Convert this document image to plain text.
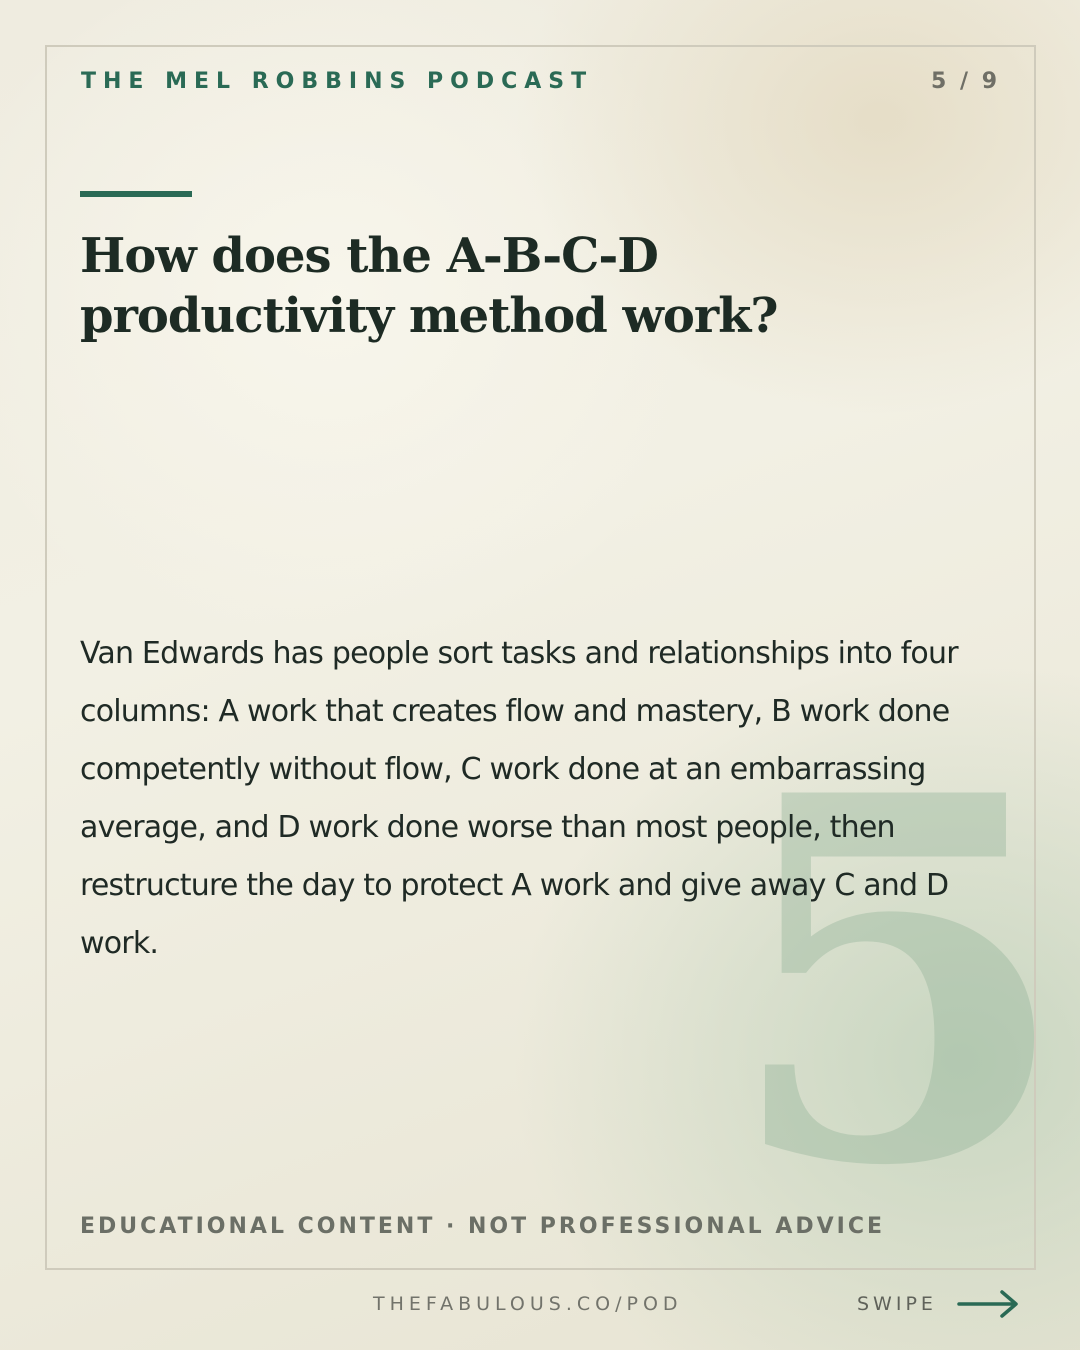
THE MEL ROBBINS PODCAST	5 / 9
5
How does the A-B-C-D productivity method work?

Van Edwards has people sort tasks and relationships into four columns: A work that creates flow and mastery, B work done competently without flow, C work done at an embarrassing average, and D work done worse than most people, then restructure the day to protect A work and give away C and D work.

EDUCATIONAL CONTENT · NOT PROFESSIONAL ADVICE
THEFABULOUS.CO/POD	SWIPE
